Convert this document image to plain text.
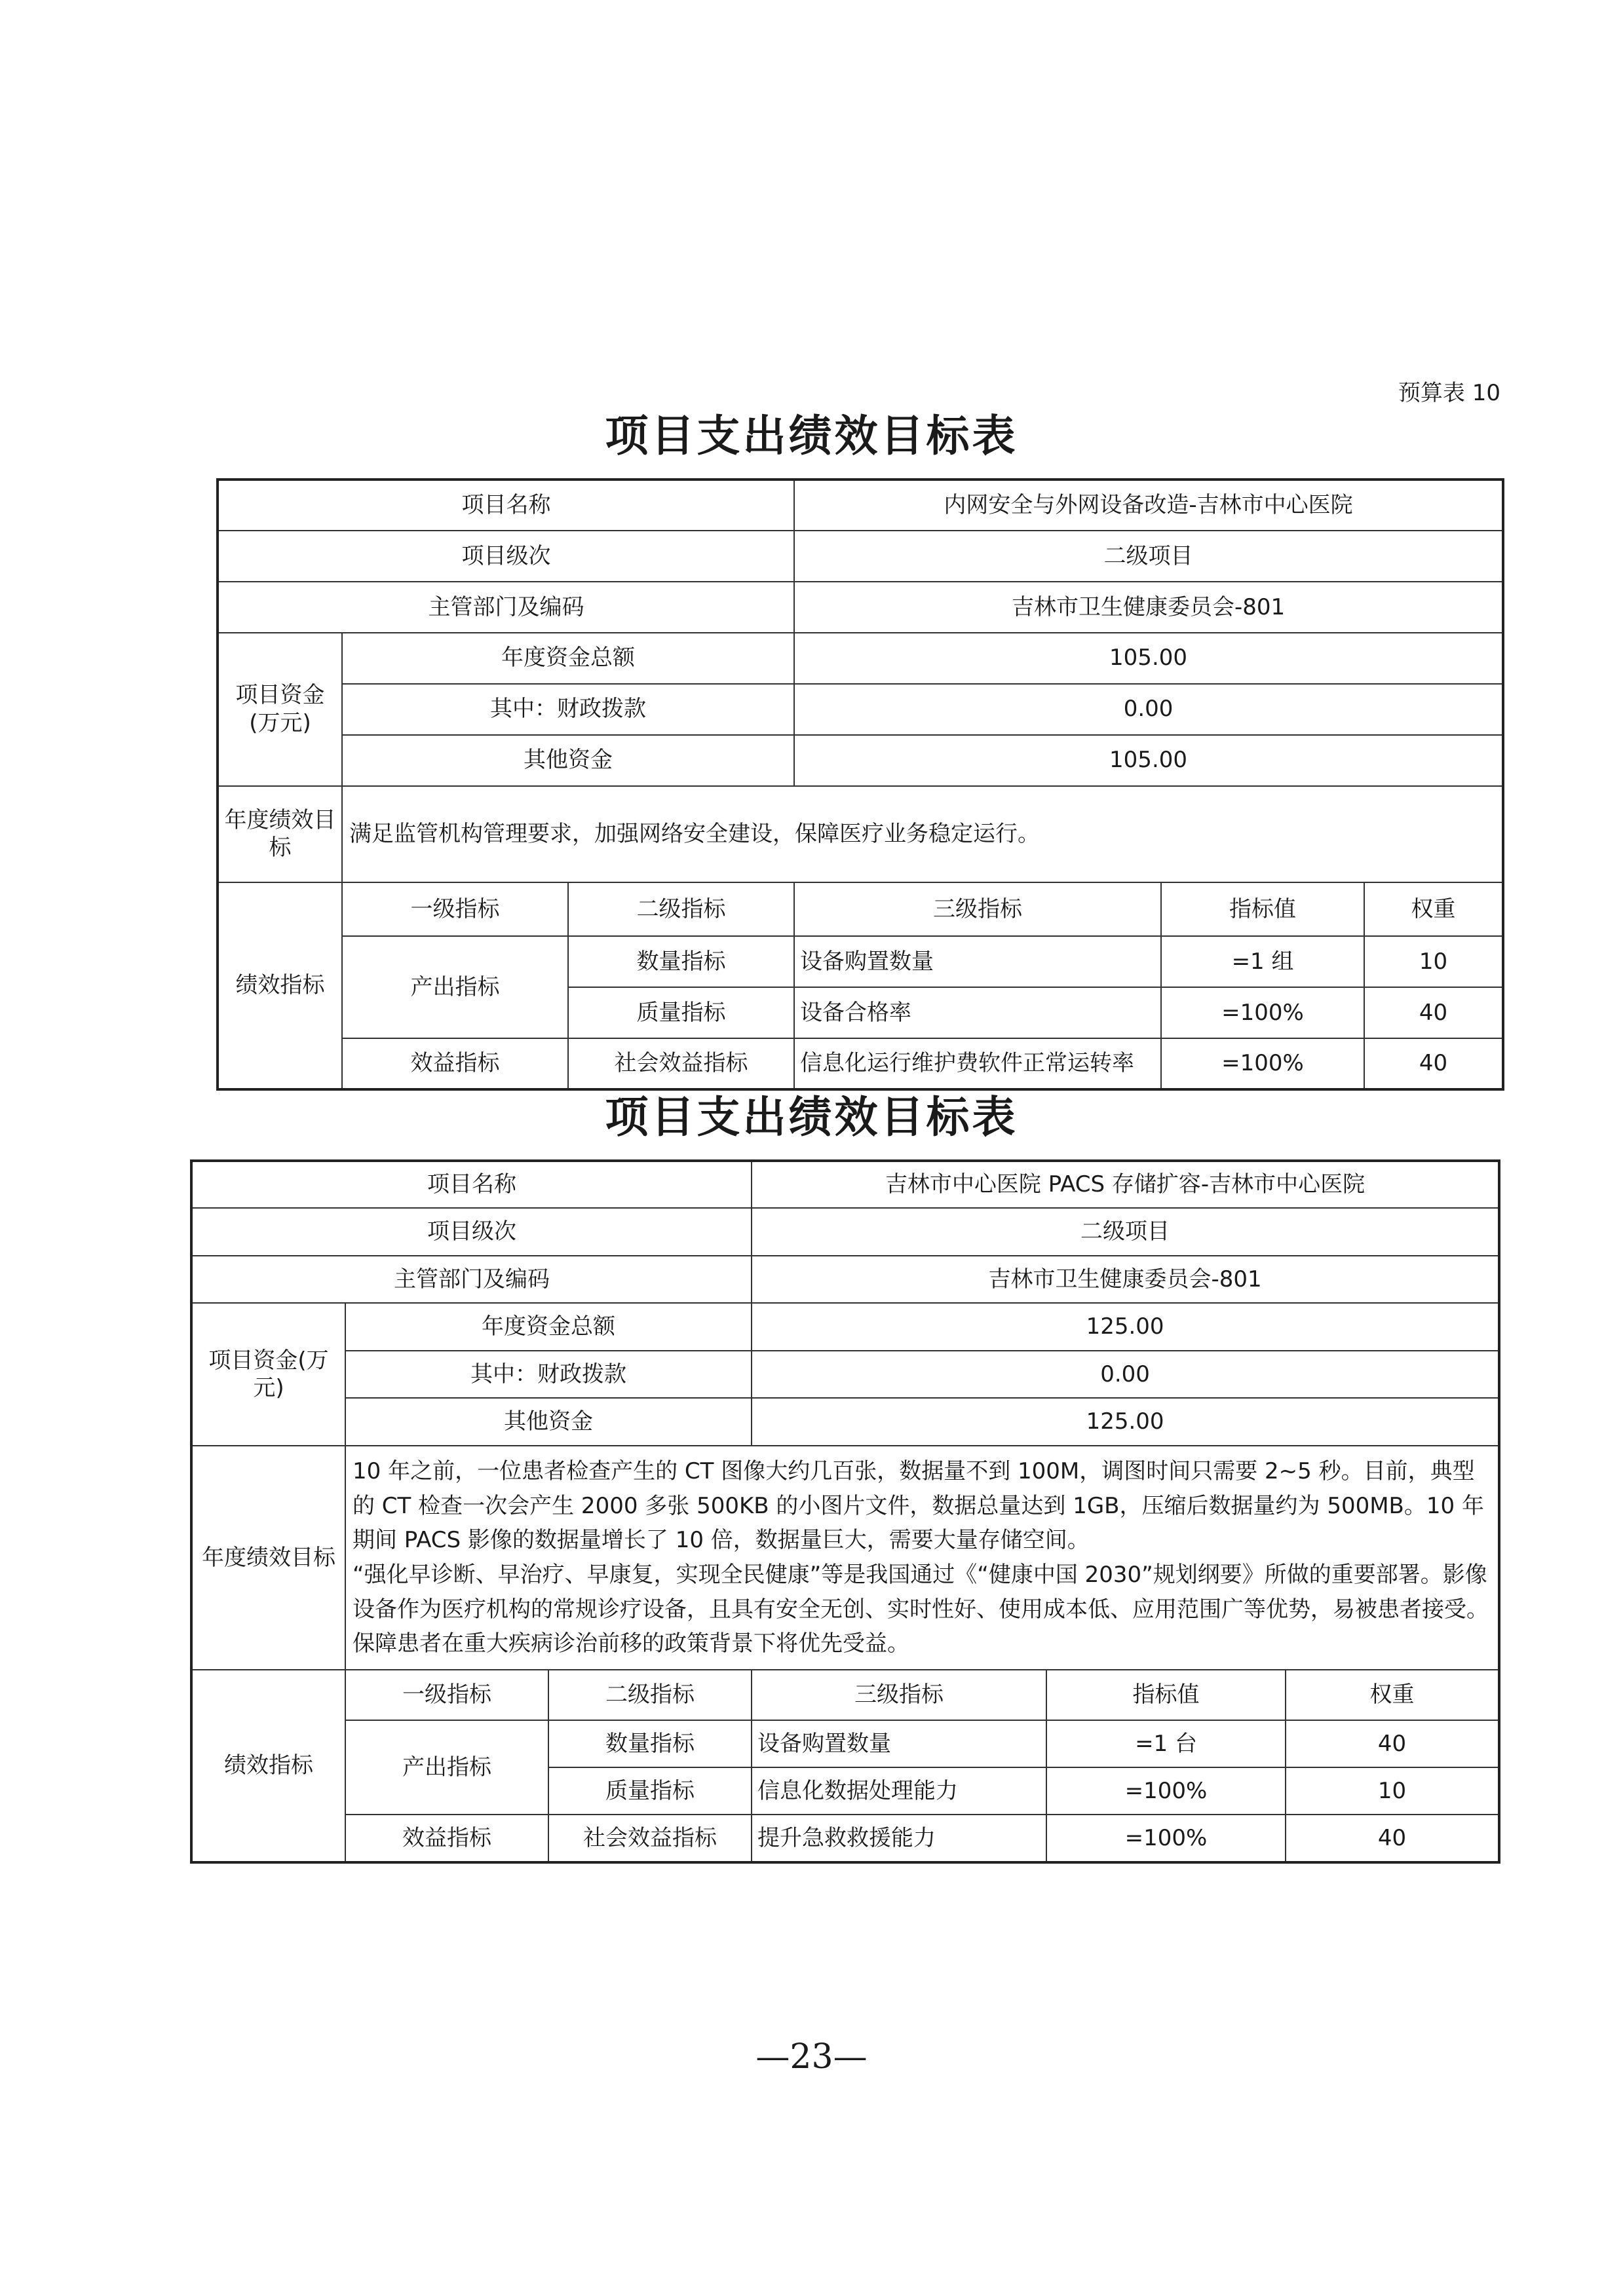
预算表 10
项目支出绩效目标表
项目名称			内网安全与外网设备改造-吉林市中心医院		
项目级次			二级项目		
主管部门及编码			吉林市卫生健康委员会-801		
项目资金(万元)	年度资金总额		105.00		
	其中：财政拨款		0.00		
	其他资金		105.00		
年度绩效目标	满足监管机构管理要求，加强网络安全建设，保障医疗业务稳定运行。				
绩效指标	一级指标	二级指标	三级指标	指标值	权重
	产出指标	数量指标	设备购置数量	=1 组	10
		质量指标	设备合格率	=100%	40
	效益指标	社会效益指标	信息化运行维护费软件正常运转率	=100%	40
项目支出绩效目标表
项目名称			吉林市中心医院 PACS 存储扩容-吉林市中心医院		
项目级次			二级项目		
主管部门及编码			吉林市卫生健康委员会-801		
项目资金(万元)	年度资金总额		125.00		
	其中：财政拨款		0.00		
	其他资金		125.00		
年度绩效目标	10 年之前，一位患者检查产生的 CT 图像大约几百张，数据量不到 100M，调图时间只需要 2~5 秒。目前，典型的 CT 检查一次会产生 2000 多张 500KB 的小图片文件，数据总量达到 1GB，压缩后数据量约为 500MB。10 年期间 PACS 影像的数据量增长了 10 倍，数据量巨大，需要大量存储空间。
“强化早诊断、早治疗、早康复，实现全民健康”等是我国通过《“健康中国 2030”规划纲要》所做的重要部署。影像设备作为医疗机构的常规诊疗设备，且具有安全无创、实时性好、使用成本低、应用范围广等优势，易被患者接受。保障患者在重大疾病诊治前移的政策背景下将优先受益。				

绩效指标	一级指标	二级指标	三级指标	指标值	权重
	产出指标	数量指标	设备购置数量	=1 台	40
		质量指标	信息化数据处理能力	=100%	10
	效益指标	社会效益指标	提升急救救援能力	=100%	40
—23—
